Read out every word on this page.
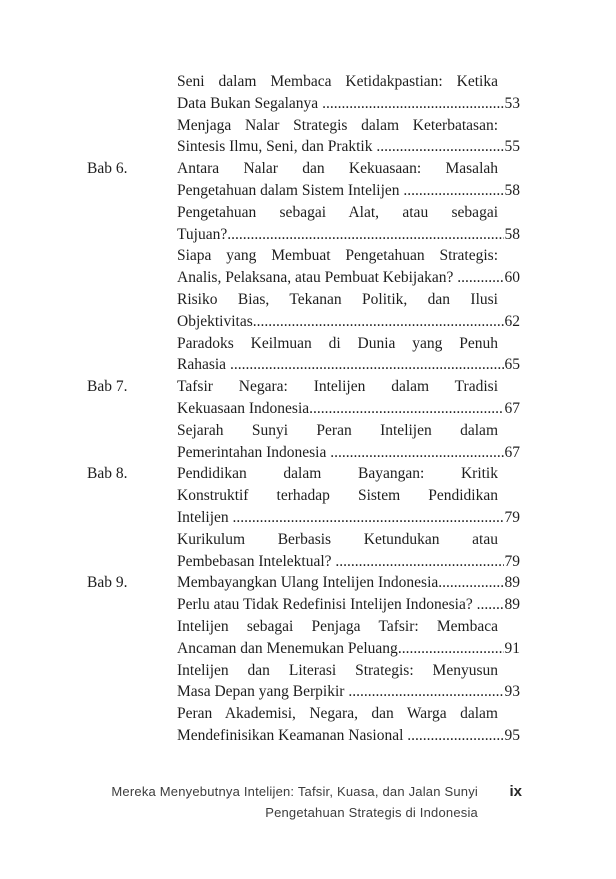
Seni dalam Membaca Ketidakpastian: Ketika
Data Bukan Segalanya .....	53
Menjaga Nalar Strategis dalam Keterbatasan:
Sintesis Ilmu, Seni, dan Praktik .....	55
Bab 6.	Antara Nalar dan Kekuasaan: Masalah
Pengetahuan dalam Sistem Intelijen .....	58
Pengetahuan sebagai Alat, atau sebagai
Tujuan? .....	58
Siapa yang Membuat Pengetahuan Strategis:
Analis, Pelaksana, atau Pembuat Kebijakan? .....	60
Risiko Bias, Tekanan Politik, dan Ilusi
Objektivitas .....	62
Paradoks Keilmuan di Dunia yang Penuh
Rahasia .....	65
Bab 7.	Tafsir Negara: Intelijen dalam Tradisi
Kekuasaan Indonesia .....	67
Sejarah Sunyi Peran Intelijen dalam
Pemerintahan Indonesia .....	67
Bab 8.	Pendidikan dalam Bayangan: Kritik
Konstruktif terhadap Sistem Pendidikan
Intelijen .....	79
Kurikulum Berbasis Ketundukan atau
Pembebasan Intelektual? .....	79
Bab 9.	Membayangkan Ulang Intelijen Indonesia .....	89
Perlu atau Tidak Redefinisi Intelijen Indonesia? ..... 89
Intelijen sebagai Penjaga Tafsir: Membaca
Ancaman dan Menemukan Peluang .....	91
Intelijen dan Literasi Strategis: Menyusun
Masa Depan yang Berpikir .....	93
Peran Akademisi, Negara, dan Warga dalam
Mendefinisikan Keamanan Nasional .....	95
Mereka Menyebutnya Intelijen: Tafsir, Kuasa, dan Jalan Sunyi
Pengetahuan Strategis di Indonesia
ix
